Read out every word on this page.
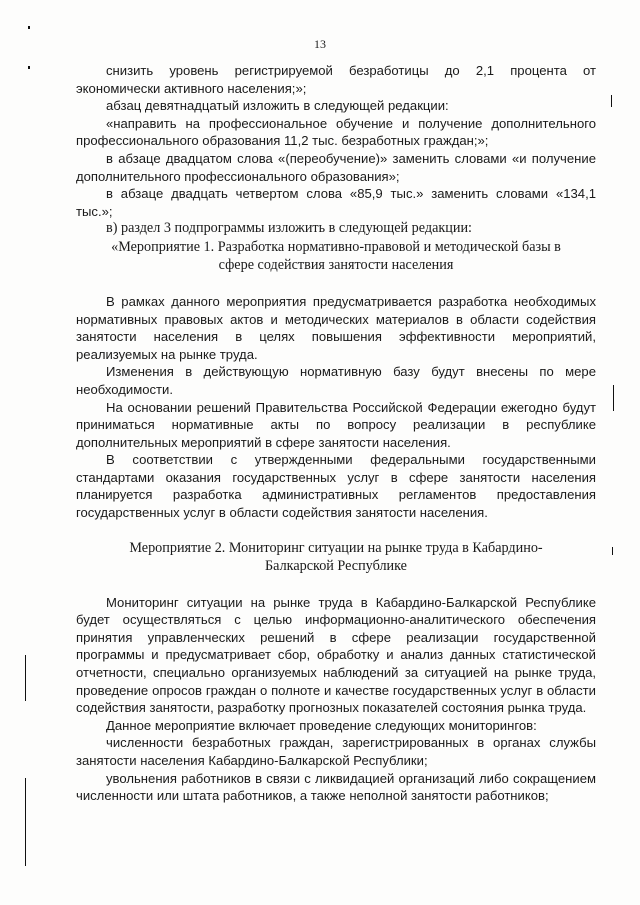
13

снизить уровень регистрируемой безработицы до 2,1 процента от экономически активного населения;»;

абзац девятнадцатый изложить в следующей редакции:

«направить на профессиональное обучение и получение дополнительного профессионального образования 11,2 тыс. безработных граждан;»;

в абзаце двадцатом слова «(переобучение)» заменить словами «и получение дополнительного профессионального образования»;

в абзаце двадцать четвертом слова «85,9 тыс.» заменить словами «134,1 тыс.»;

в) раздел 3 подпрограммы изложить в следующей редакции:

«Мероприятие 1. Разработка нормативно-правовой и методической базы в сфере содействия занятости населения

В рамках данного мероприятия предусматривается разработка необходимых нормативных правовых актов и методических материалов в области содействия занятости населения в целях повышения эффективности мероприятий, реализуемых на рынке труда.

Изменения в действующую нормативную базу будут внесены по мере необходимости.

На основании решений Правительства Российской Федерации ежегодно будут приниматься нормативные акты по вопросу реализации в республике дополнительных мероприятий в сфере занятости населения.

В соответствии с утвержденными федеральными государственными стандартами оказания государственных услуг в сфере занятости населения планируется разработка административных регламентов предоставления государственных услуг в области содействия занятости населения.

Мероприятие 2. Мониторинг ситуации на рынке труда в Кабардино-Балкарской Республике

Мониторинг ситуации на рынке труда в Кабардино-Балкарской Республике будет осуществляться с целью информационно-аналитического обеспечения принятия управленческих решений в сфере реализации государственной программы и предусматривает сбор, обработку и анализ данных статистической отчетности, специально организуемых наблюдений за ситуацией на рынке труда, проведение опросов граждан о полноте и качестве государственных услуг в области содействия занятости, разработку прогнозных показателей состояния рынка труда.

Данное мероприятие включает проведение следующих мониторингов:

численности безработных граждан, зарегистрированных в органах службы занятости населения Кабардино-Балкарской Республики;

увольнения работников в связи с ликвидацией организаций либо сокращением численности или штата работников, а также неполной занятости работников;
